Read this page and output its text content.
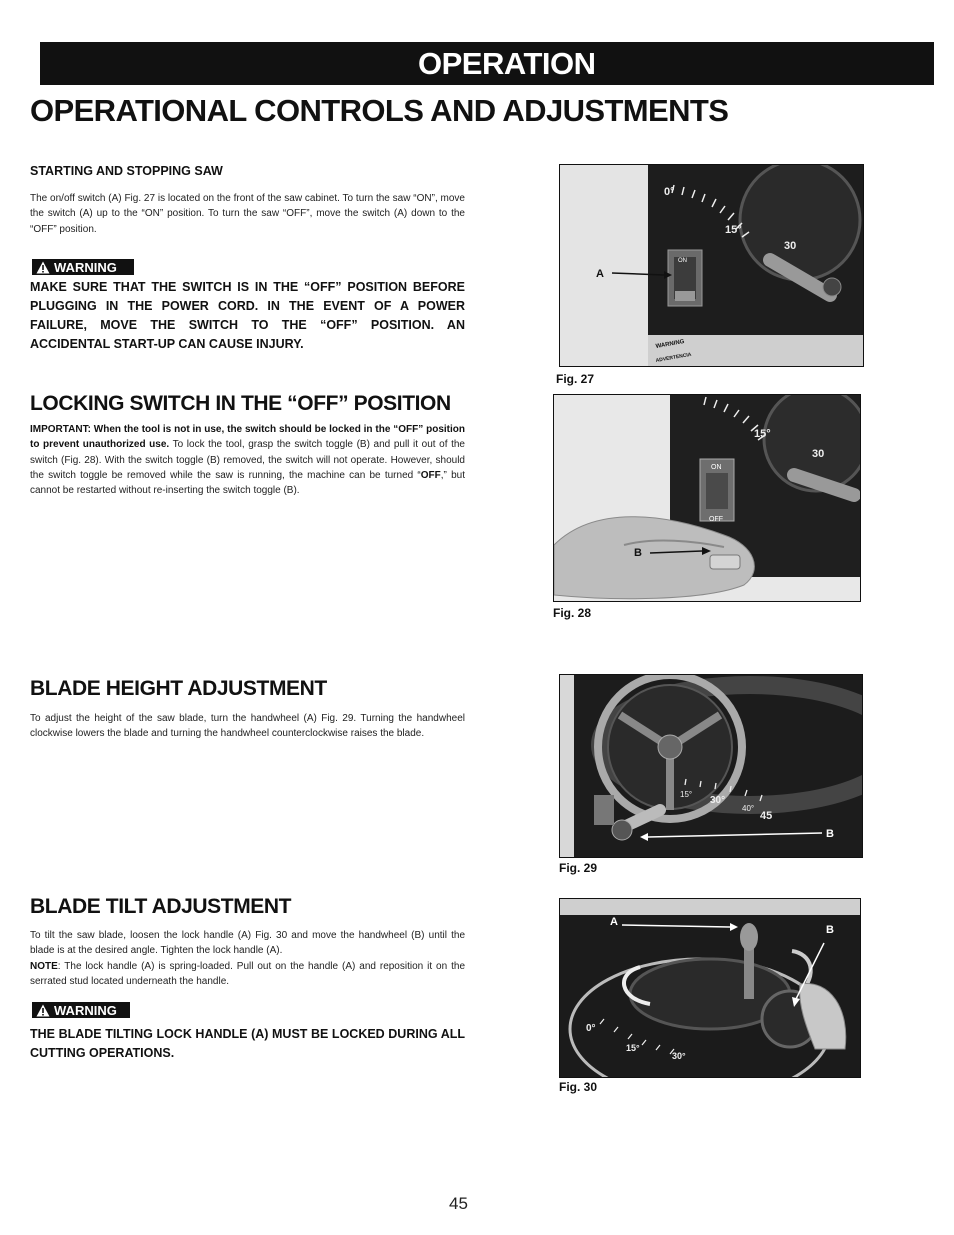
OPERATION
OPERATIONAL CONTROLS AND ADJUSTMENTS
STARTING AND STOPPING SAW

The on/off switch (A) Fig. 27 is located on the front of the saw cabinet. To turn the saw “ON”, move the switch (A) up to the “ON” position. To turn the saw “OFF”, move the switch (A) down to the “OFF” position.

WARNING

MAKE SURE THAT THE SWITCH IS IN THE “OFF” POSITION BEFORE PLUGGING IN THE POWER CORD. IN THE EVENT OF A POWER FAILURE, MOVE THE SWITCH TO THE “OFF” POSITION. AN ACCIDENTAL START-UP CAN CAUSE INJURY.

LOCKING SWITCH IN THE “OFF” POSITION

IMPORTANT: When the tool is not in use, the switch should be locked in the “OFF” position to prevent unauthorized use. To lock the tool, grasp the switch toggle (B) and pull it out of the switch (Fig. 28). With the switch toggle (B) removed, the switch will not operate. However, should the switch toggle be removed while the saw is running, the machine can be turned “OFF,” but cannot be restarted without re-inserting the switch toggle (B).

BLADE HEIGHT ADJUSTMENT

To adjust the height of the saw blade, turn the handwheel (A) Fig. 29. Turning the handwheel clockwise lowers the blade and turning the handwheel counterclockwise raises the blade.

BLADE TILT ADJUSTMENT

To tilt the saw blade, loosen the lock handle (A) Fig. 30 and move the handwheel (B) until the blade is at the desired angle. Tighten the lock handle (A).
NOTE: The lock handle (A) is spring-loaded. Pull out on the handle (A) and reposition it on the serrated stud located underneath the handle.

WARNING

THE BLADE TILTING LOCK HANDLE (A) MUST BE LOCKED DURING ALL CUTTING OPERATIONS.

0°
15°
30
ON
WARNING
ADVERTENCIA
A
Fig. 27
15°
30
ON
OFF
B
Fig. 28
15°
30°
40°
45
B
Fig. 29
0°
15°
30°
A
B
Fig. 30
45
